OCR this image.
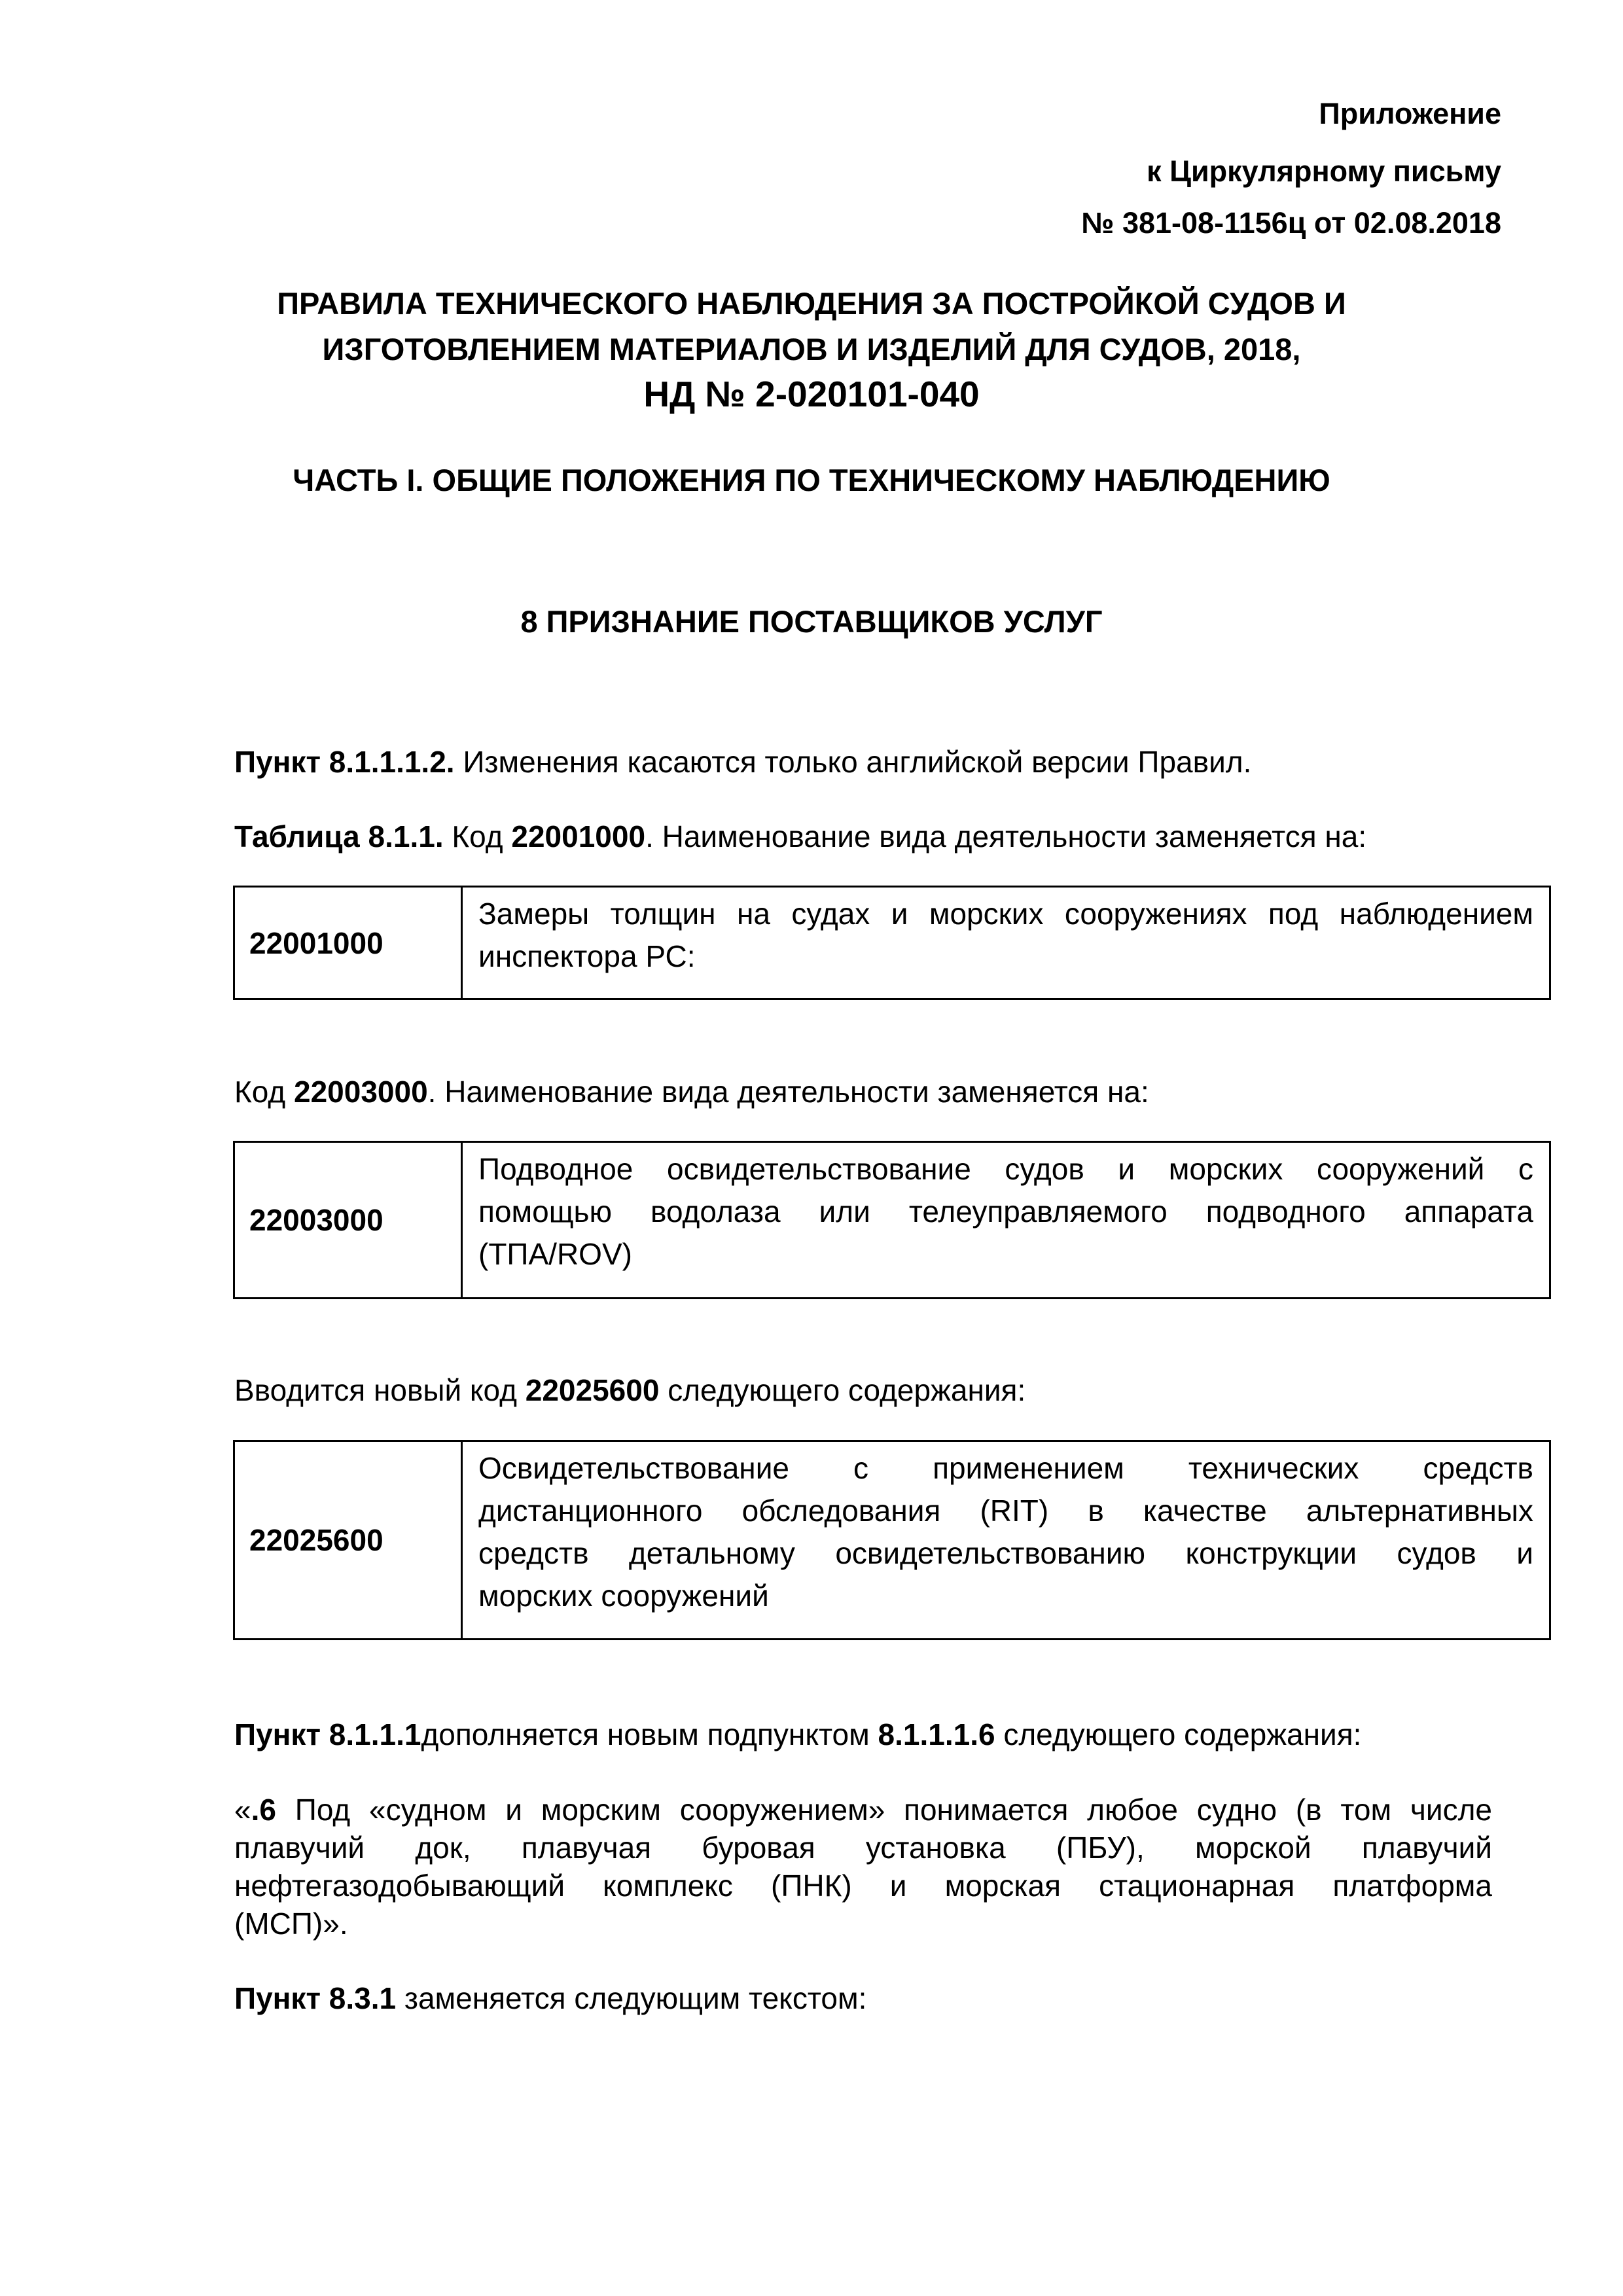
Приложение
к Циркулярному письму
№ 381-08-1156ц от 02.08.2018
ПРАВИЛА ТЕХНИЧЕСКОГО НАБЛЮДЕНИЯ ЗА ПОСТРОЙКОЙ СУДОВ И
ИЗГОТОВЛЕНИЕМ МАТЕРИАЛОВ И ИЗДЕЛИЙ ДЛЯ СУДОВ, 2018,
НД № 2-020101-040
ЧАСТЬ I. ОБЩИЕ ПОЛОЖЕНИЯ ПО ТЕХНИЧЕСКОМУ НАБЛЮДЕНИЮ
8 ПРИЗНАНИЕ ПОСТАВЩИКОВ УСЛУГ
Пункт 8.1.1.1.2. Изменения касаются только английской версии Правил.
Таблица 8.1.1. Код 22001000. Наименование вида деятельности заменяется на:
22001000
Замеры толщин на судах и морских сооружениях под наблюдением
инспектора РС:
Код 22003000. Наименование вида деятельности заменяется на:
22003000
Подводное освидетельствование судов и морских сооружений с
помощью водолаза или телеуправляемого подводного аппарата
(ТПА/ROV)
Вводится новый код 22025600 следующего содержания:
22025600
Освидетельствование с применением технических средств
дистанционного обследования (RIT) в качестве альтернативных
средств детальному освидетельствованию конструкции судов и
морских сооружений
Пункт 8.1.1.1дополняется новым подпунктом 8.1.1.1.6 следующего содержания:
«.6 Под «судном и морским сооружением» понимается любое судно (в том числе
плавучий док, плавучая буровая установка (ПБУ), морской плавучий
нефтегазодобывающий комплекс (ПНК) и морская стационарная платформа
(МСП)».
Пункт 8.3.1 заменяется следующим текстом:
